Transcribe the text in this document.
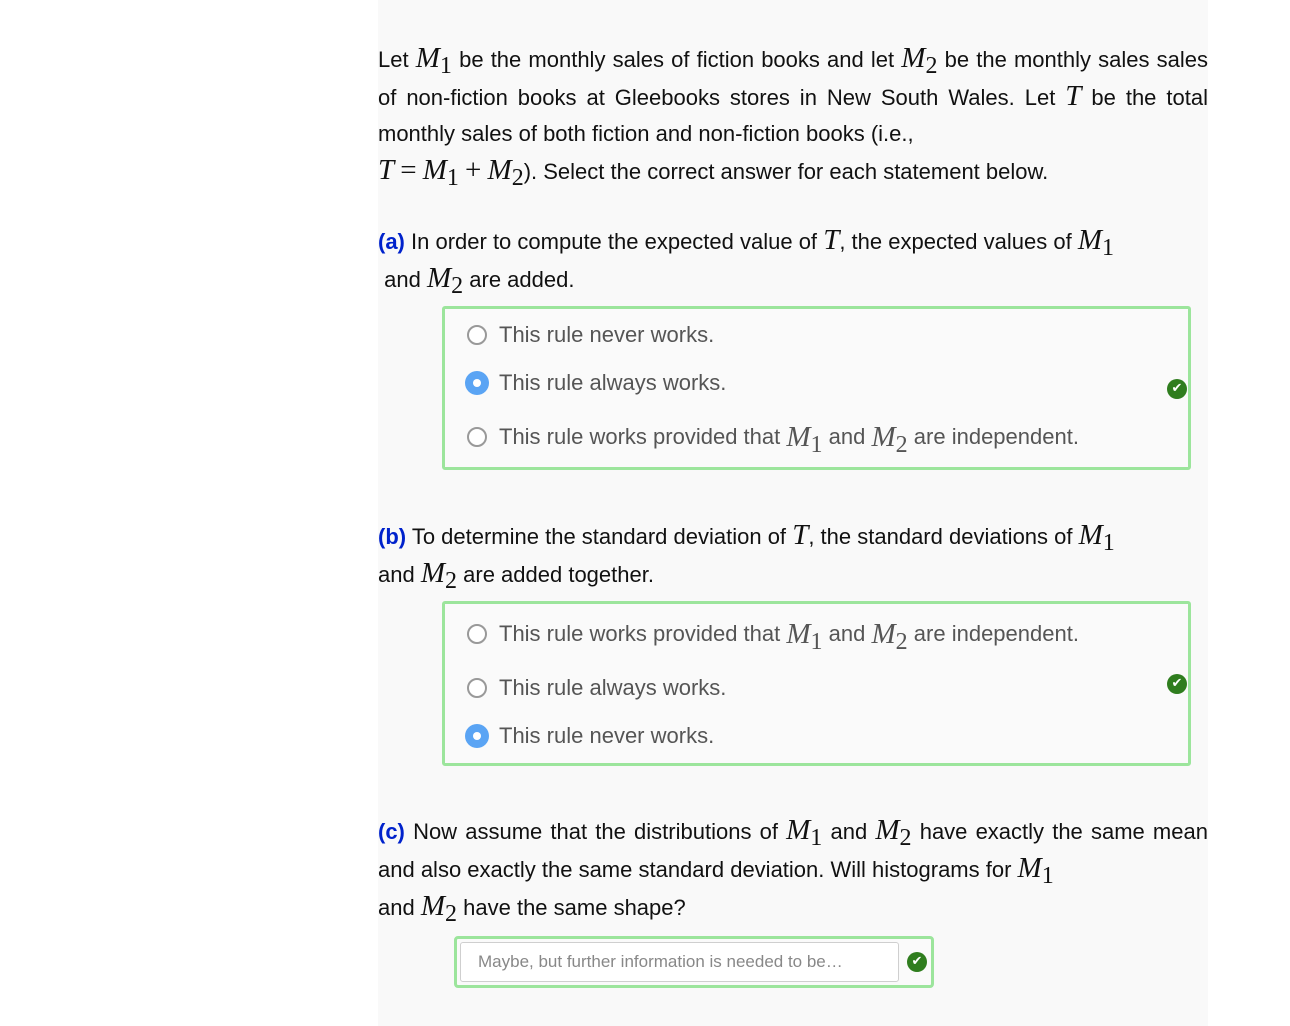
Let $M_1$ be the monthly sales of fiction books and let $M_2$ be the monthly sales sales of non-fiction books at Gleebooks stores in New South Wales. Let T be the total monthly sales of both fiction and non-fiction books (i.e.,
$T = M_1 + M_2$). Select the correct answer for each statement below.
(a) In order to compute the expected value of T, the expected values of $M_1$
and $M_2$ are added.
This rule never works.
This rule always works.
This rule works provided that
$M_1$
and
$M_2$
are independent.
✔
(b) To determine the standard deviation of T, the standard deviations of $M_1$
and $M_2$ are added together.
This rule works provided that
$M_1$
and
$M_2$
are independent.
This rule always works.
This rule never works.
✔
(c) Now assume that the distributions of $M_1$ and $M_2$ have exactly the same mean and also exactly the same standard deviation. Will histograms for $M_1$
and $M_2$ have the same shape?
Maybe, but further information is needed to be…	✔
